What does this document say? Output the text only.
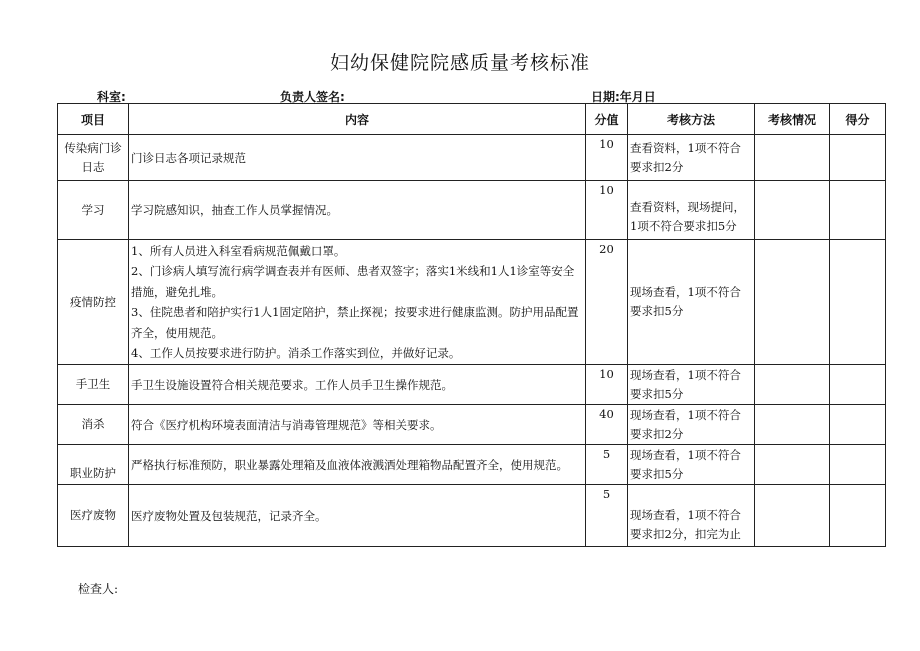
妇幼保健院院感质量考核标准
科室:	负责人签名:	日期:年月日
项目	内容	分值	考核方法	考核情况	得分
传染病门诊日志	门诊日志各项记录规范	10	查看资料，1项不符合要求扣2分		
学习	学习院感知识，抽查工作人员掌握情况。	10	查看资料，现场提问，1项不符合要求扣5分		
疫情防控	1、所有人员进入科室看病规范佩戴口罩。
2、门诊病人填写流行病学调查表并有医师、患者双签字；落实1米线和1人1诊室等安全措施，避免扎堆。
3、住院患者和陪护实行1人1固定陪护，禁止探视；按要求进行健康监测。防护用品配置齐全，使用规范。
4、工作人员按要求进行防护。消杀工作落实到位，并做好记录。	20	现场查看，1项不符合要求扣5分		
手卫生	手卫生设施设置符合相关规范要求。工作人员手卫生操作规范。	10	现场查看，1项不符合要求扣5分		
消杀	符合《医疗机构环境表面清洁与消毒管理规范》等相关要求。	40	现场查看，1项不符合要求扣2分		
职业防护	严格执行标准预防，职业暴露处理箱及血液体液溅洒处理箱物品配置齐全，使用规范。	5	现场查看，1项不符合要求扣5分		
医疗废物	医疗废物处置及包装规范，记录齐全。	5	现场查看，1项不符合要求扣2分，扣完为止		
检查人:
